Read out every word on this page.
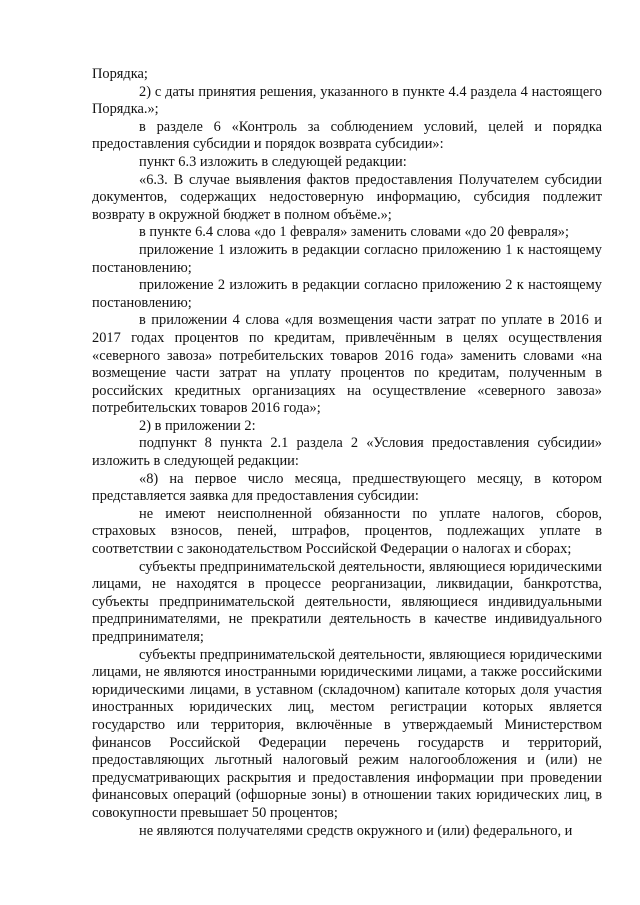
Порядка;

2) с даты принятия решения, указанного в пункте 4.4 раздела 4 настоящего Порядка.»;

в разделе 6 «Контроль за соблюдением условий, целей и порядка предоставления субсидии и порядок возврата субсидии»:

пункт 6.3 изложить в следующей редакции:

«6.3. В случае выявления фактов предоставления Получателем субсидии документов, содержащих недостоверную информацию, субсидия подлежит возврату в окружной бюджет в полном объёме.»;

в пункте 6.4 слова «до 1 февраля» заменить словами «до 20 февраля»;

приложение 1 изложить в редакции согласно приложению 1 к настоящему постановлению;

приложение 2 изложить в редакции согласно приложению 2 к настоящему постановлению;

в приложении 4 слова «для возмещения части затрат по уплате в 2016 и 2017 годах процентов по кредитам, привлечённым в целях осуществления «северного завоза» потребительских товаров 2016 года» заменить словами «на возмещение части затрат на уплату процентов по кредитам, полученным в российских кредитных организациях на осуществление «северного завоза» потребительских товаров 2016 года»;

2) в приложении 2:

подпункт 8 пункта 2.1 раздела 2 «Условия предоставления субсидии» изложить в следующей редакции:

«8) на первое число месяца, предшествующего месяцу, в котором представляется заявка для предоставления субсидии:

не имеют неисполненной обязанности по уплате налогов, сборов, страховых взносов, пеней, штрафов, процентов, подлежащих уплате в соответствии с законодательством Российской Федерации о налогах и сборах;

субъекты предпринимательской деятельности, являющиеся юридическими лицами, не находятся в процессе реорганизации, ликвидации, банкротства, субъекты предпринимательской деятельности, являющиеся индивидуальными предпринимателями, не прекратили деятельность в качестве индивидуального предпринимателя;

субъекты предпринимательской деятельности, являющиеся юридическими лицами, не являются иностранными юридическими лицами, а также российскими юридическими лицами, в уставном (складочном) капитале которых доля участия иностранных юридических лиц, местом регистрации которых является государство или территория, включённые в утверждаемый Министерством финансов Российской Федерации перечень государств и территорий, предоставляющих льготный налоговый режим налогообложения и (или) не предусматривающих раскрытия и предоставления информации при проведении финансовых операций (офшорные зоны) в отношении таких юридических лиц, в совокупности превышает 50 процентов;

не являются получателями средств окружного и (или) федерального, и
